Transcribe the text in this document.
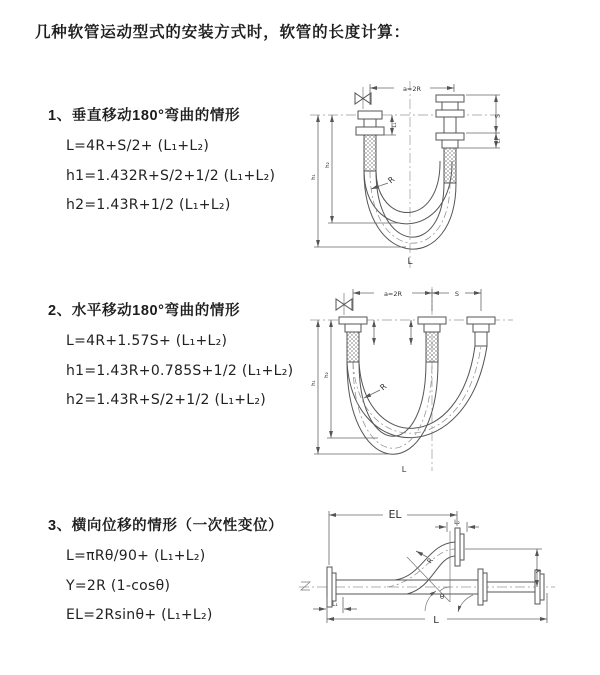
几种软管运动型式的安装方式时，软管的长度计算：
1、垂直移动180°弯曲的情形
L=4R+S/2+ (L₁+L₂)
h1=1.432R+S/2+1/2 (L₁+L₂)
h2=1.43R+1/2 (L₁+L₂)
2、水平移动180°弯曲的情形
L=4R+1.57S+ (L₁+L₂)
h1=1.43R+0.785S+1/2 (L₁+L₂)
h2=1.43R+S/2+1/2 (L₁+L₂)
3、横向位移的情形（一次性变位）
L=πRθ/90+ (L₁+L₂)
Y=2R (1-cosθ)
EL=2Rsinθ+ (L₁+L₂)
a=2R
L₁
S
L₂
h₁
h₂
R
L
a=2R	S
h₁
h₂
R
L
θ
EL
L₂
Y
R
L₁
L
